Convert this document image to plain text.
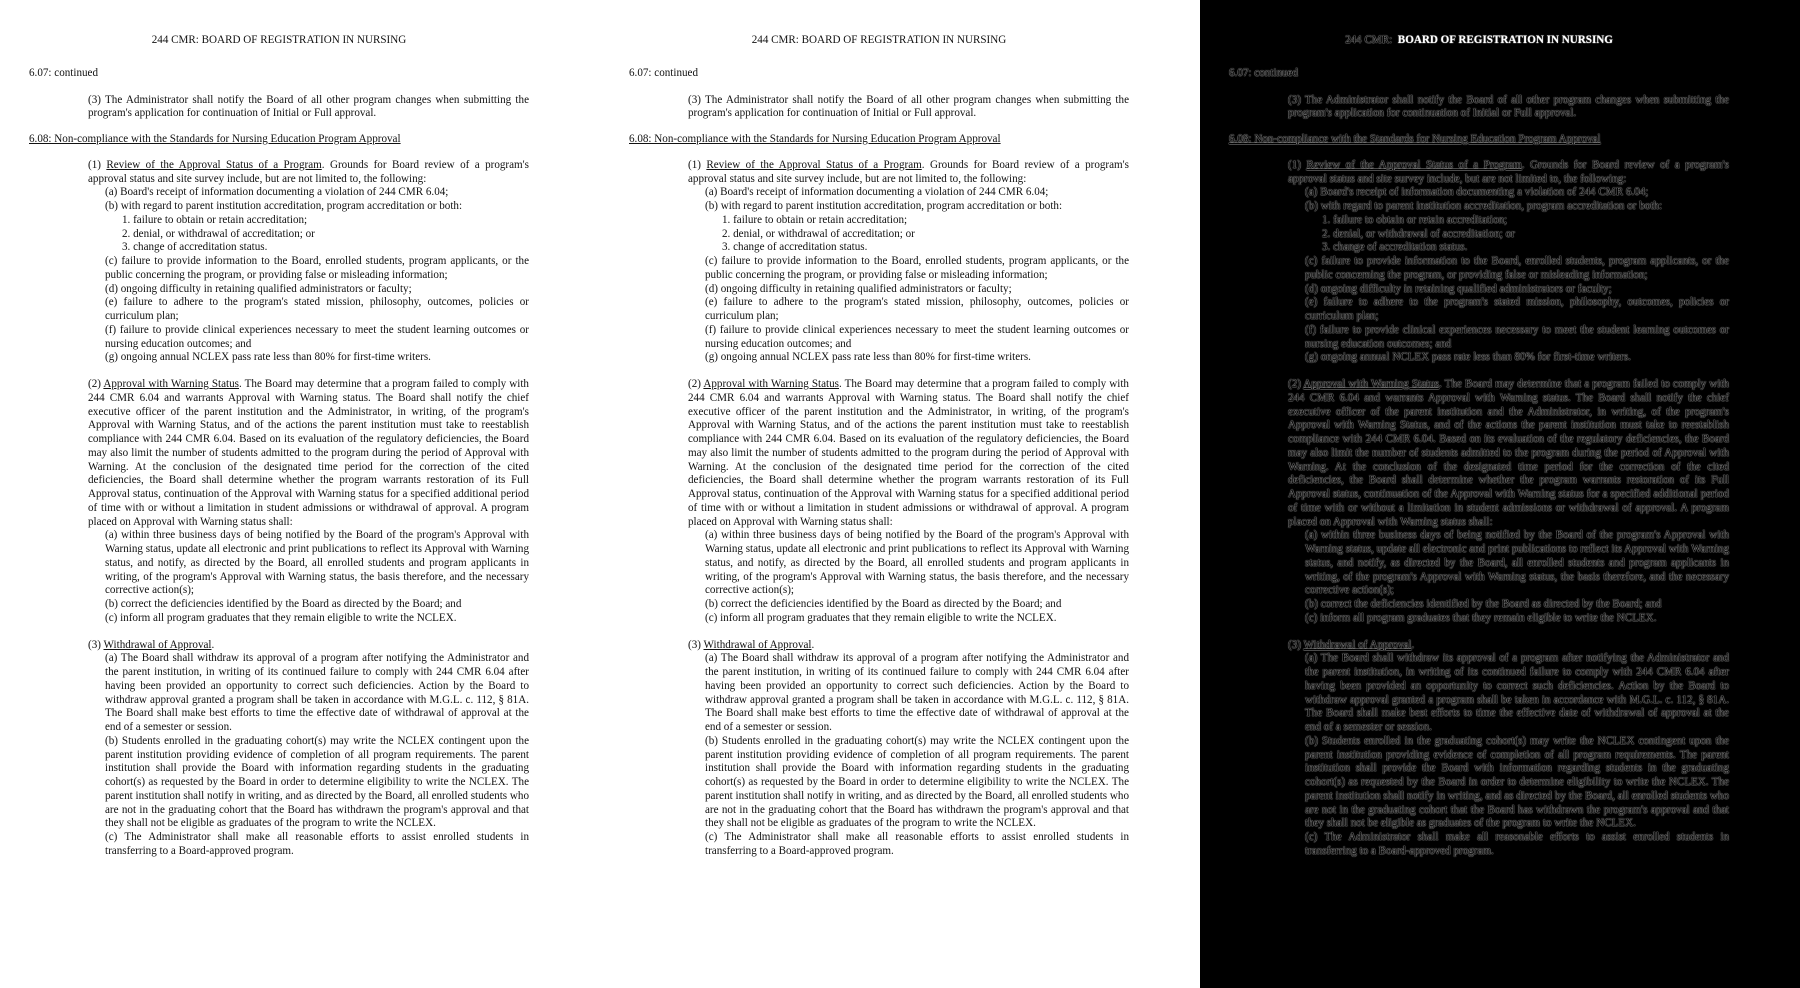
244 CMR: BOARD OF REGISTRATION IN NURSING
6.07: continued
(3) The Administrator shall notify the Board of all other program changes when submitting the program's application for continuation of Initial or Full approval.
6.08: Non-compliance with the Standards for Nursing Education Program Approval
(1) Review of the Approval Status of a Program. Grounds for Board review of a program's approval status and site survey include, but are not limited to, the following:
(a) Board's receipt of information documenting a violation of 244 CMR 6.04;
(b) with regard to parent institution accreditation, program accreditation or both:
1. failure to obtain or retain accreditation;
2. denial, or withdrawal of accreditation; or
3. change of accreditation status.
(c) failure to provide information to the Board, enrolled students, program applicants, or the public concerning the program, or providing false or misleading information;
(d) ongoing difficulty in retaining qualified administrators or faculty;
(e) failure to adhere to the program's stated mission, philosophy, outcomes, policies or curriculum plan;
(f) failure to provide clinical experiences necessary to meet the student learning outcomes or nursing education outcomes; and
(g) ongoing annual NCLEX pass rate less than 80% for first-time writers.
(2) Approval with Warning Status. The Board may determine that a program failed to comply with 244 CMR 6.04 and warrants Approval with Warning status. The Board shall notify the chief executive officer of the parent institution and the Administrator, in writing, of the program's Approval with Warning Status, and of the actions the parent institution must take to reestablish compliance with 244 CMR 6.04. Based on its evaluation of the regulatory deficiencies, the Board may also limit the number of students admitted to the program during the period of Approval with Warning. At the conclusion of the designated time period for the correction of the cited deficiencies, the Board shall determine whether the program warrants restoration of its Full Approval status, continuation of the Approval with Warning status for a specified additional period of time with or without a limitation in student admissions or withdrawal of approval. A program placed on Approval with Warning status shall:
(a) within three business days of being notified by the Board of the program's Approval with Warning status, update all electronic and print publications to reflect its Approval with Warning status, and notify, as directed by the Board, all enrolled students and program applicants in writing, of the program's Approval with Warning status, the basis therefore, and the necessary corrective action(s);
(b) correct the deficiencies identified by the Board as directed by the Board; and
(c) inform all program graduates that they remain eligible to write the NCLEX.
(3) Withdrawal of Approval.
(a) The Board shall withdraw its approval of a program after notifying the Administrator and the parent institution, in writing of its continued failure to comply with 244 CMR 6.04 after having been provided an opportunity to correct such deficiencies. Action by the Board to withdraw approval granted a program shall be taken in accordance with M.G.L. c. 112, § 81A. The Board shall make best efforts to time the effective date of withdrawal of approval at the end of a semester or session.
(b) Students enrolled in the graduating cohort(s) may write the NCLEX contingent upon the parent institution providing evidence of completion of all program requirements. The parent institution shall provide the Board with information regarding students in the graduating cohort(s) as requested by the Board in order to determine eligibility to write the NCLEX. The parent institution shall notify in writing, and as directed by the Board, all enrolled students who are not in the graduating cohort that the Board has withdrawn the program's approval and that they shall not be eligible as graduates of the program to write the NCLEX.
(c) The Administrator shall make all reasonable efforts to assist enrolled students in transferring to a Board-approved program.
244 CMR: BOARD OF REGISTRATION IN NURSING
6.07: continued
(3) The Administrator shall notify the Board of all other program changes when submitting the program's application for continuation of Initial or Full approval.
6.08: Non-compliance with the Standards for Nursing Education Program Approval
(1) Review of the Approval Status of a Program. Grounds for Board review of a program's approval status and site survey include, but are not limited to, the following:
(a) Board's receipt of information documenting a violation of 244 CMR 6.04;
(b) with regard to parent institution accreditation, program accreditation or both:
1. failure to obtain or retain accreditation;
2. denial, or withdrawal of accreditation; or
3. change of accreditation status.
(c) failure to provide information to the Board, enrolled students, program applicants, or the public concerning the program, or providing false or misleading information;
(d) ongoing difficulty in retaining qualified administrators or faculty;
(e) failure to adhere to the program's stated mission, philosophy, outcomes, policies or curriculum plan;
(f) failure to provide clinical experiences necessary to meet the student learning outcomes or nursing education outcomes; and
(g) ongoing annual NCLEX pass rate less than 80% for first-time writers.
(2) Approval with Warning Status. The Board may determine that a program failed to comply with 244 CMR 6.04 and warrants Approval with Warning status. The Board shall notify the chief executive officer of the parent institution and the Administrator, in writing, of the program's Approval with Warning Status, and of the actions the parent institution must take to reestablish compliance with 244 CMR 6.04. Based on its evaluation of the regulatory deficiencies, the Board may also limit the number of students admitted to the program during the period of Approval with Warning. At the conclusion of the designated time period for the correction of the cited deficiencies, the Board shall determine whether the program warrants restoration of its Full Approval status, continuation of the Approval with Warning status for a specified additional period of time with or without a limitation in student admissions or withdrawal of approval. A program placed on Approval with Warning status shall:
(a) within three business days of being notified by the Board of the program's Approval with Warning status, update all electronic and print publications to reflect its Approval with Warning status, and notify, as directed by the Board, all enrolled students and program applicants in writing, of the program's Approval with Warning status, the basis therefore, and the necessary corrective action(s);
(b) correct the deficiencies identified by the Board as directed by the Board; and
(c) inform all program graduates that they remain eligible to write the NCLEX.
(3) Withdrawal of Approval.
(a) The Board shall withdraw its approval of a program after notifying the Administrator and the parent institution, in writing of its continued failure to comply with 244 CMR 6.04 after having been provided an opportunity to correct such deficiencies. Action by the Board to withdraw approval granted a program shall be taken in accordance with M.G.L. c. 112, § 81A. The Board shall make best efforts to time the effective date of withdrawal of approval at the end of a semester or session.
(b) Students enrolled in the graduating cohort(s) may write the NCLEX contingent upon the parent institution providing evidence of completion of all program requirements. The parent institution shall provide the Board with information regarding students in the graduating cohort(s) as requested by the Board in order to determine eligibility to write the NCLEX. The parent institution shall notify in writing, and as directed by the Board, all enrolled students who are not in the graduating cohort that the Board has withdrawn the program's approval and that they shall not be eligible as graduates of the program to write the NCLEX.
(c) The Administrator shall make all reasonable efforts to assist enrolled students in transferring to a Board-approved program.
244 CMR: BOARD OF REGISTRATION IN NURSING
6.07: continued
(3) The Administrator shall notify the Board of all other program changes when submitting the program's application for continuation of Initial or Full approval.
6.08: Non-compliance with the Standards for Nursing Education Program Approval
(1) Review of the Approval Status of a Program. Grounds for Board review of a program's approval status and site survey include, but are not limited to, the following:
(a) Board's receipt of information documenting a violation of 244 CMR 6.04;
(b) with regard to parent institution accreditation, program accreditation or both:
1. failure to obtain or retain accreditation;
2. denial, or withdrawal of accreditation; or
3. change of accreditation status.
(c) failure to provide information to the Board, enrolled students, program applicants, or the public concerning the program, or providing false or misleading information;
(d) ongoing difficulty in retaining qualified administrators or faculty;
(e) failure to adhere to the program's stated mission, philosophy, outcomes, policies or curriculum plan;
(f) failure to provide clinical experiences necessary to meet the student learning outcomes or nursing education outcomes; and
(g) ongoing annual NCLEX pass rate less than 80% for first-time writers.
(2) Approval with Warning Status. The Board may determine that a program failed to comply with 244 CMR 6.04 and warrants Approval with Warning status. The Board shall notify the chief executive officer of the parent institution and the Administrator, in writing, of the program's Approval with Warning Status, and of the actions the parent institution must take to reestablish compliance with 244 CMR 6.04. Based on its evaluation of the regulatory deficiencies, the Board may also limit the number of students admitted to the program during the period of Approval with Warning. At the conclusion of the designated time period for the correction of the cited deficiencies, the Board shall determine whether the program warrants restoration of its Full Approval status, continuation of the Approval with Warning status for a specified additional period of time with or without a limitation in student admissions or withdrawal of approval. A program placed on Approval with Warning status shall:
(a) within three business days of being notified by the Board of the program's Approval with Warning status, update all electronic and print publications to reflect its Approval with Warning status, and notify, as directed by the Board, all enrolled students and program applicants in writing, of the program's Approval with Warning status, the basis therefore, and the necessary corrective action(s);
(b) correct the deficiencies identified by the Board as directed by the Board; and
(c) inform all program graduates that they remain eligible to write the NCLEX.
(3) Withdrawal of Approval.
(a) The Board shall withdraw its approval of a program after notifying the Administrator and the parent institution, in writing of its continued failure to comply with 244 CMR 6.04 after having been provided an opportunity to correct such deficiencies. Action by the Board to withdraw approval granted a program shall be taken in accordance with M.G.L. c. 112, § 81A. The Board shall make best efforts to time the effective date of withdrawal of approval at the end of a semester or session.
(b) Students enrolled in the graduating cohort(s) may write the NCLEX contingent upon the parent institution providing evidence of completion of all program requirements. The parent institution shall provide the Board with information regarding students in the graduating cohort(s) as requested by the Board in order to determine eligibility to write the NCLEX. The parent institution shall notify in writing, and as directed by the Board, all enrolled students who are not in the graduating cohort that the Board has withdrawn the program's approval and that they shall not be eligible as graduates of the program to write the NCLEX.
(c) The Administrator shall make all reasonable efforts to assist enrolled students in transferring to a Board-approved program.
